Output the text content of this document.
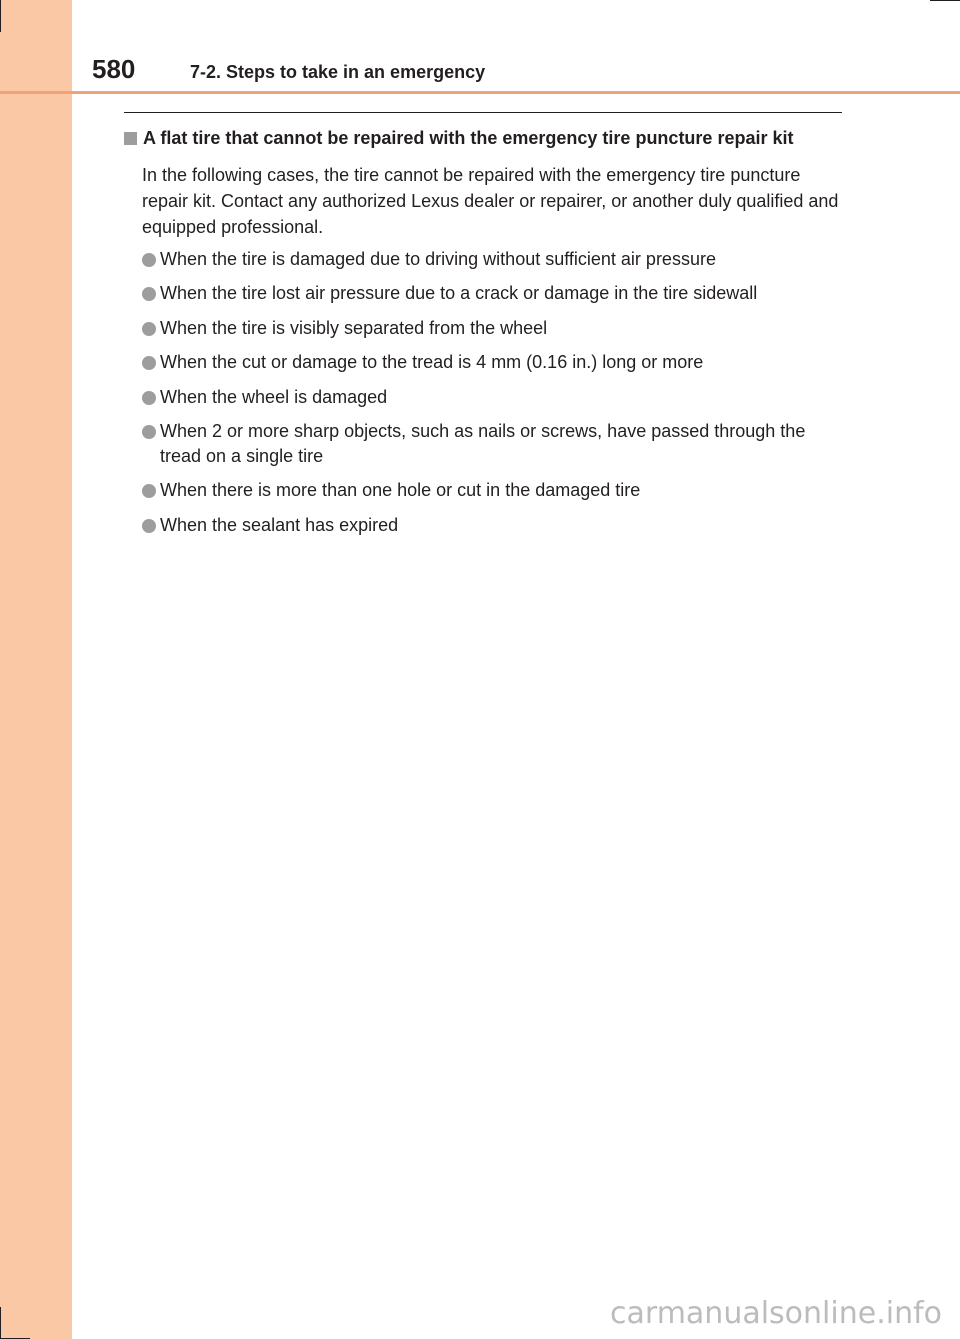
580	7-2. Steps to take in an emergency
A flat tire that cannot be repaired with the emergency tire puncture repair kit
In the following cases, the tire cannot be repaired with the emergency tire puncture repair kit. Contact any authorized Lexus dealer or repairer, or another duly qualified and equipped professional.
When the tire is damaged due to driving without sufficient air pressure
When the tire lost air pressure due to a crack or damage in the tire sidewall
When the tire is visibly separated from the wheel
When the cut or damage to the tread is 4 mm (0.16 in.) long or more
When the wheel is damaged
When 2 or more sharp objects, such as nails or screws, have passed through the tread on a single tire
When there is more than one hole or cut in the damaged tire
When the sealant has expired
carmanualsonline.info
